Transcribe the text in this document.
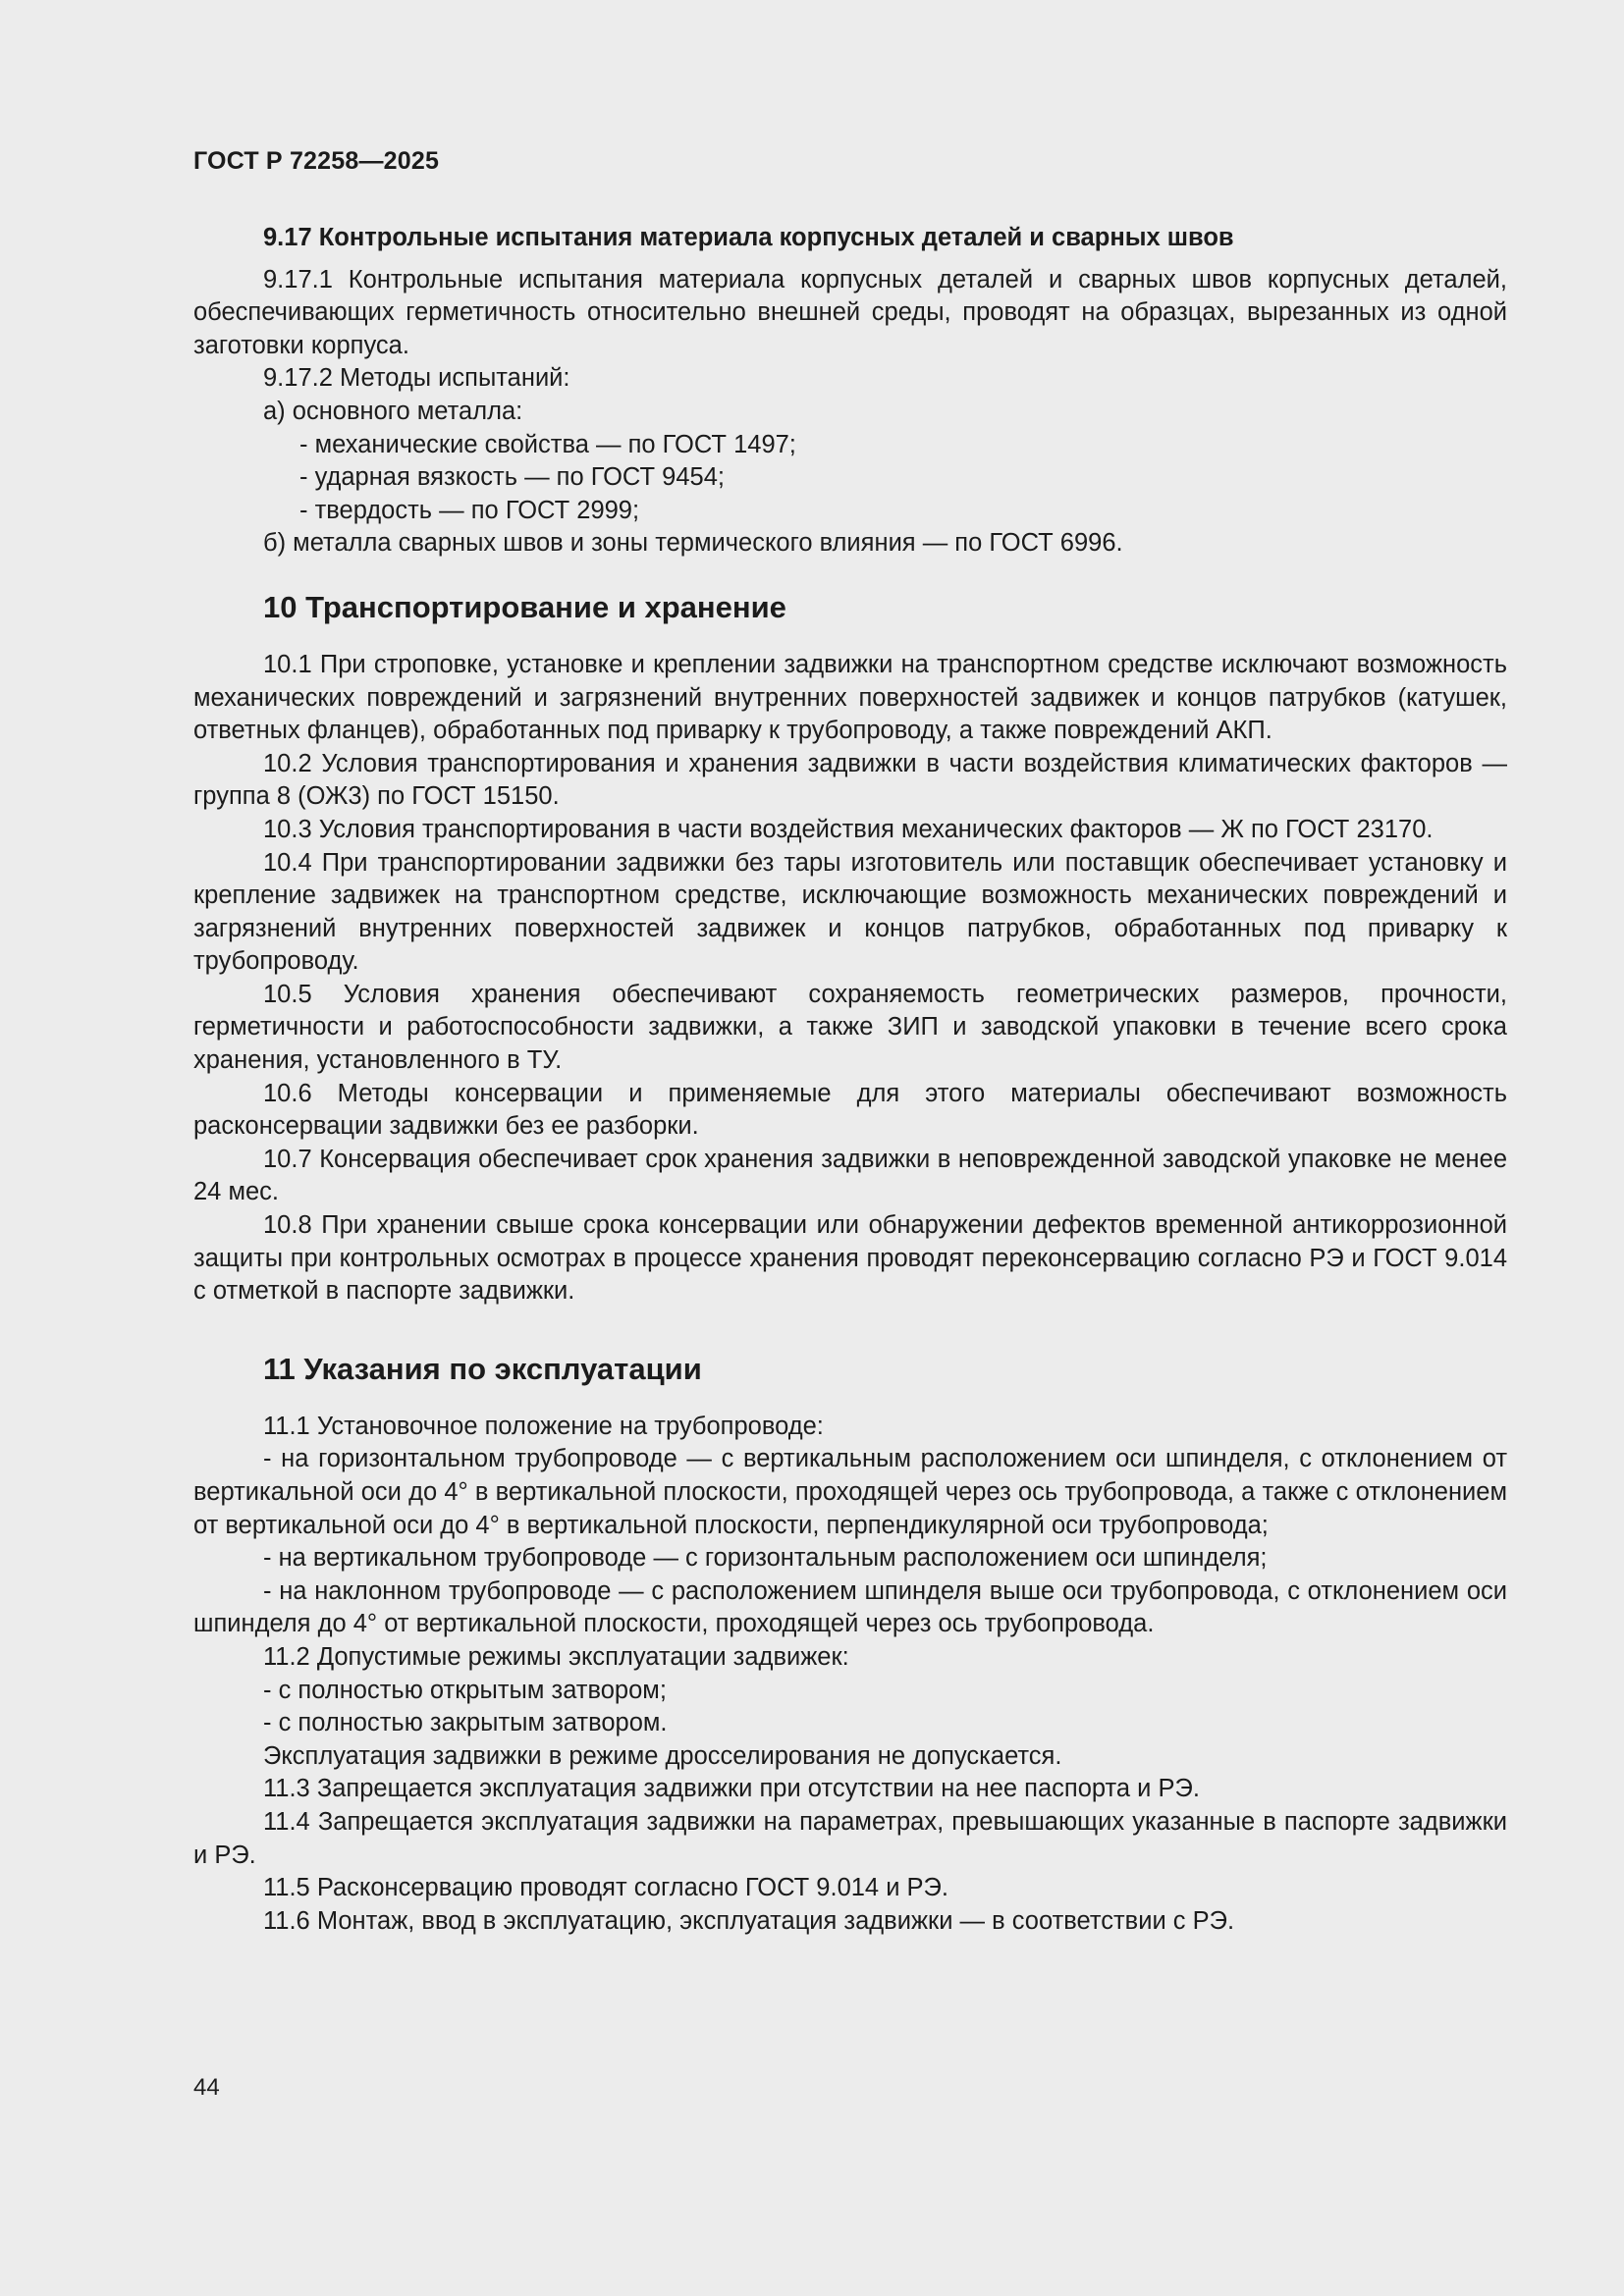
ГОСТ Р 72258—2025
9.17 Контрольные испытания материала корпусных деталей и сварных швов
9.17.1 Контрольные испытания материала корпусных деталей и сварных швов корпусных деталей, обеспечивающих герметичность относительно внешней среды, проводят на образцах, вырезанных из одной заготовки корпуса.
9.17.2 Методы испытаний:
а) основного металла:
- механические свойства — по ГОСТ 1497;
- ударная вязкость — по ГОСТ 9454;
- твердость — по ГОСТ 2999;
б) металла сварных швов и зоны термического влияния — по ГОСТ 6996.
10 Транспортирование и хранение
10.1 При строповке, установке и креплении задвижки на транспортном средстве исключают возможность механических повреждений и загрязнений внутренних поверхностей задвижек и концов патрубков (катушек, ответных фланцев), обработанных под приварку к трубопроводу, а также повреждений АКП.
10.2 Условия транспортирования и хранения задвижки в части воздействия климатических факторов — группа 8 (ОЖ3) по ГОСТ 15150.
10.3 Условия транспортирования в части воздействия механических факторов — Ж по ГОСТ 23170.
10.4 При транспортировании задвижки без тары изготовитель или поставщик обеспечивает установку и крепление задвижек на транспортном средстве, исключающие возможность механических повреждений и загрязнений внутренних поверхностей задвижек и концов патрубков, обработанных под приварку к трубопроводу.
10.5 Условия хранения обеспечивают сохраняемость геометрических размеров, прочности, герметичности и работоспособности задвижки, а также ЗИП и заводской упаковки в течение всего срока хранения, установленного в ТУ.
10.6 Методы консервации и применяемые для этого материалы обеспечивают возможность расконсервации задвижки без ее разборки.
10.7 Консервация обеспечивает срок хранения задвижки в неповрежденной заводской упаковке не менее 24 мес.
10.8 При хранении свыше срока консервации или обнаружении дефектов временной антикоррозионной защиты при контрольных осмотрах в процессе хранения проводят переконсервацию согласно РЭ и ГОСТ 9.014 с отметкой в паспорте задвижки.
11 Указания по эксплуатации
11.1 Установочное положение на трубопроводе:
- на горизонтальном трубопроводе — с вертикальным расположением оси шпинделя, с отклонением от вертикальной оси до 4° в вертикальной плоскости, проходящей через ось трубопровода, а также с отклонением от вертикальной оси до 4° в вертикальной плоскости, перпендикулярной оси трубопровода;
- на вертикальном трубопроводе — с горизонтальным расположением оси шпинделя;
- на наклонном трубопроводе — с расположением шпинделя выше оси трубопровода, с отклонением оси шпинделя до 4° от вертикальной плоскости, проходящей через ось трубопровода.
11.2 Допустимые режимы эксплуатации задвижек:
- с полностью открытым затвором;
- с полностью закрытым затвором.
Эксплуатация задвижки в режиме дросселирования не допускается.
11.3 Запрещается эксплуатация задвижки при отсутствии на нее паспорта и РЭ.
11.4 Запрещается эксплуатация задвижки на параметрах, превышающих указанные в паспорте задвижки и РЭ.
11.5 Расконсервацию проводят согласно ГОСТ 9.014 и РЭ.
11.6 Монтаж, ввод в эксплуатацию, эксплуатация задвижки — в соответствии с РЭ.
44
